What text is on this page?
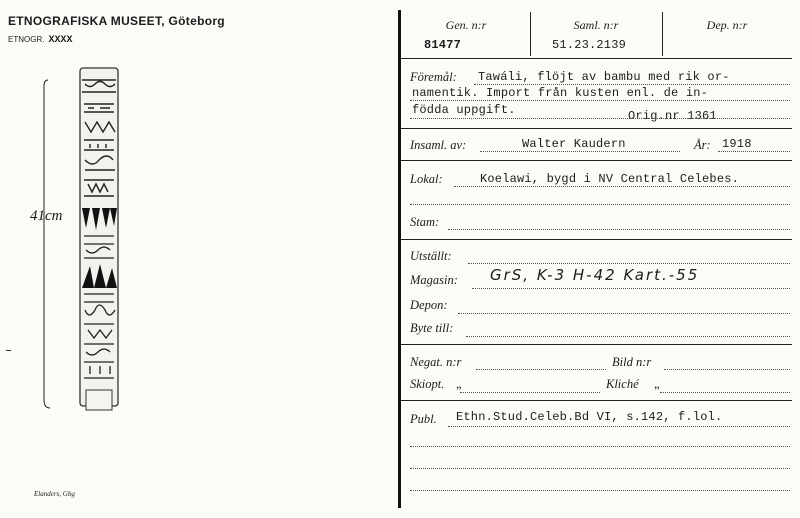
ETNOGRAFISKA MUSEET, Göteborg
ETNOGR. XXXX
41cm
Elanders, Gbg
Gen. n:r	Saml. n:r	Dep. n:r
81477	51.23.2139
Föremål: Tawáli, flöjt av bambu med rik or-
namentik. Import från kusten enl. de in-
födda uppgift.	Orig.nr 1361
Insaml. av:	Walter Kaudern	År: 1918
Lokal:	Koelawi, bygd i NV Central Celebes.
Stam:
Utställt:
Magasin: GrS, K-3 H-42 Kart.-55
Depon:
Byte till:
Negat. n:r	Bild n:r
Skiopt. „	Kliché „
Publ. Ethn.Stud.Celeb.Bd VI, s.142, f.lol.
